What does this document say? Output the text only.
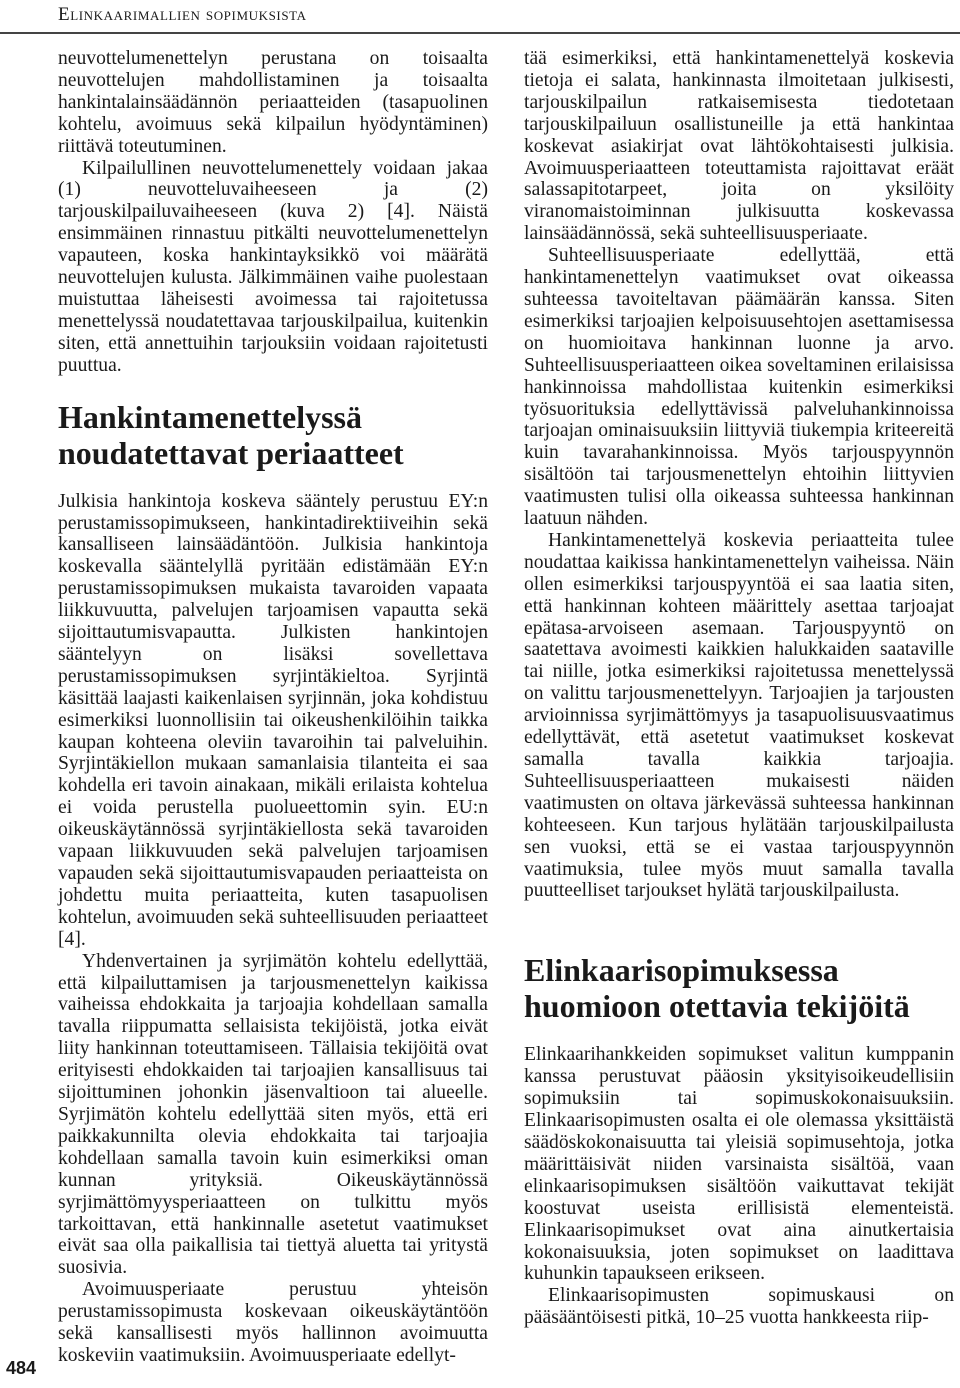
Elinkaarimallien sopimuksista

neuvottelumenettelyn perustana on toisaalta neuvottelujen mahdollistaminen ja toisaalta hankintalainsäädännön periaatteiden (tasapuolinen kohtelu, avoimuus sekä kilpailun hyödyntäminen) riittävä toteutuminen.

Kilpailullinen neuvottelumenettely voidaan jakaa (1) neuvotteluvaiheeseen ja (2) tarjouskilpailuvaiheeseen (kuva 2) [4]. Näistä ensimmäinen rinnastuu pitkälti neuvottelumenettelyn vapauteen, koska hankintayksikkö voi määrätä neuvottelujen kulusta. Jälkimmäinen vaihe puolestaan muistuttaa läheisesti avoimessa tai rajoitetussa menettelyssä noudatettavaa tarjouskilpailua, kuitenkin siten, että annettuihin tarjouksiin voidaan rajoitetusti puuttua.

Hankintamenettelyssä noudatettavat periaatteet

Julkisia hankintoja koskeva sääntely perustuu EY:n perustamissopimukseen, hankintadirektiiveihin sekä kansalliseen lainsäädäntöön. Julkisia hankintoja koskevalla sääntelyllä pyritään edistämään EY:n perustamissopimuksen mukaista tavaroiden vapaata liikkuvuutta, palvelujen tarjoamisen vapautta sekä sijoittautumisvapautta. Julkisten hankintojen sääntelyyn on lisäksi sovellettava perustamissopimuksen syrjintäkieltoa. Syrjintä käsittää laajasti kaikenlaisen syrjinnän, joka kohdistuu esimerkiksi luonnollisiin tai oikeushenkilöihin taikka kaupan kohteena oleviin tavaroihin tai palveluihin. Syrjintäkiellon mukaan samanlaisia tilanteita ei saa kohdella eri tavoin ainakaan, mikäli erilaista kohtelua ei voida perustella puolueettomin syin. EU:n oikeuskäytännössä syrjintäkiellosta sekä tavaroiden vapaan liikkuvuuden sekä palvelujen tarjoamisen vapauden sekä sijoittautumisvapauden periaatteista on johdettu muita periaatteita, kuten tasapuolisen kohtelun, avoimuuden sekä suhteellisuuden periaatteet [4].

Yhdenvertainen ja syrjimätön kohtelu edellyttää, että kilpailuttamisen ja tarjousmenettelyn kaikissa vaiheissa ehdokkaita ja tarjoajia kohdellaan samalla tavalla riippumatta sellaisista tekijöistä, jotka eivät liity hankinnan toteuttamiseen. Tällaisia tekijöitä ovat erityisesti ehdokkaiden tai tarjoajien kansallisuus tai sijoittuminen johonkin jäsenvaltioon tai alueelle. Syrjimätön kohtelu edellyttää siten myös, että eri paikkakunnilta olevia ehdokkaita tai tarjoajia kohdellaan samalla tavoin kuin esimerkiksi oman kunnan yrityksiä. Oikeuskäytännössä syrjimättömyysperiaatteen on tulkittu myös tarkoittavan, että hankinnalle asetetut vaatimukset eivät saa olla paikallisia tai tiettyä aluetta tai yritystä suosivia.

Avoimuusperiaate perustuu yhteisön perustamissopimusta koskevaan oikeuskäytäntöön sekä kansallisesti myös hallinnon avoimuutta koskeviin vaatimuksiin. Avoimuusperiaate edellyt-

tää esimerkiksi, että hankintamenettelyä koskevia tietoja ei salata, hankinnasta ilmoitetaan julkisesti, tarjouskilpailun ratkaisemisesta tiedotetaan tarjouskilpailuun osallistuneille ja että hankintaa koskevat asiakirjat ovat lähtökohtaisesti julkisia. Avoimuusperiaatteen toteuttamista rajoittavat eräät salassapitotarpeet, joita on yksilöity viranomaistoiminnan julkisuutta koskevassa lainsäädännössä, sekä suhteellisuusperiaate.

Suhteellisuusperiaate edellyttää, että hankintamenettelyn vaatimukset ovat oikeassa suhteessa tavoiteltavan päämäärän kanssa. Siten esimerkiksi tarjoajien kelpoisuusehtojen asettamisessa on huomioitava hankinnan luonne ja arvo. Suhteellisuusperiaatteen oikea soveltaminen erilaisissa hankinnoissa mahdollistaa kuitenkin esimerkiksi työsuorituksia edellyttävissä palveluhankinnoissa tarjoajan ominaisuuksiin liittyviä tiukempia kriteereitä kuin tavarahankinnoissa. Myös tarjouspyynnön sisältöön tai tarjousmenettelyn ehtoihin liittyvien vaatimusten tulisi olla oikeassa suhteessa hankinnan laatuun nähden.

Hankintamenettelyä koskevia periaatteita tulee noudattaa kaikissa hankintamenettelyn vaiheissa. Näin ollen esimerkiksi tarjouspyyntöä ei saa laatia siten, että hankinnan kohteen määrittely asettaa tarjoajat epätasa-arvoiseen asemaan. Tarjouspyyntö on saatettava avoimesti kaikkien halukkaiden saataville tai niille, jotka esimerkiksi rajoitetussa menettelyssä on valittu tarjousmenettelyyn. Tarjoajien ja tarjousten arvioinnissa syrjimättömyys ja tasapuolisuusvaatimus edellyttävät, että asetetut vaatimukset koskevat samalla tavalla kaikkia tarjoajia. Suhteellisuusperiaatteen mukaisesti näiden vaatimusten on oltava järkevässä suhteessa hankinnan kohteeseen. Kun tarjous hylätään tarjouskilpailusta sen vuoksi, että se ei vastaa tarjouspyynnön vaatimuksia, tulee myös muut samalla tavalla puutteelliset tarjoukset hylätä tarjouskilpailusta.

Elinkaarisopimuksessa huomioon otettavia tekijöitä

Elinkaarihankkeiden sopimukset valitun kumppanin kanssa perustuvat pääosin yksityisoikeudellisiin sopimuksiin tai sopimuskokonaisuuksiin. Elinkaarisopimusten osalta ei ole olemassa yksittäistä säädöskokonaisuutta tai yleisiä sopimusehtoja, jotka määrittäisivät niiden varsinaista sisältöä, vaan elinkaarisopimuksen sisältöön vaikuttavat tekijät koostuvat useista erillisistä elementeistä. Elinkaarisopimukset ovat aina ainutkertaisia kokonaisuuksia, joten sopimukset on laadittava kuhunkin tapaukseen erikseen.

Elinkaarisopimusten sopimuskausi on pääsääntöisesti pitkä, 10–25 vuotta hankkeesta riip-

484
